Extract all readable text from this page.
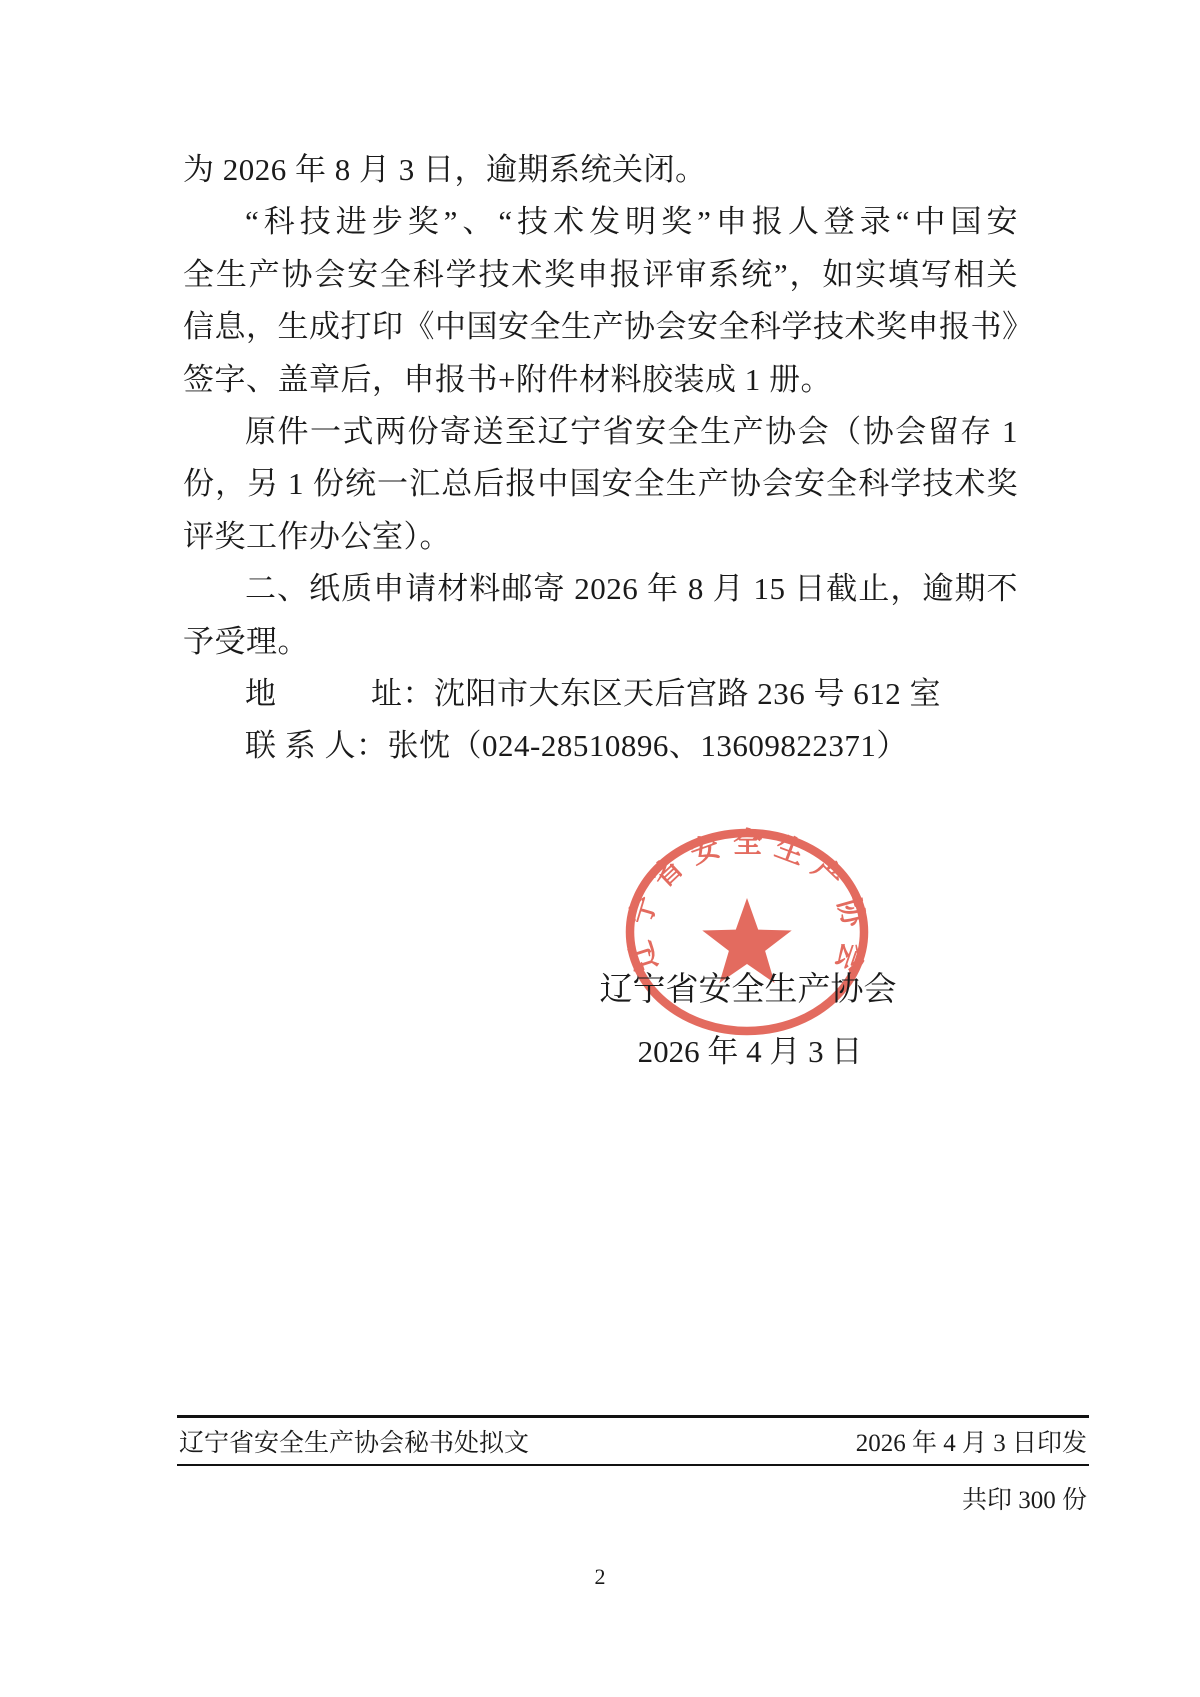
为 2026 年 8 月 3 日，逾期系统关闭。
“科技进步奖”、“技术发明奖”申报人登录“中国安
全生产协会安全科学技术奖申报评审系统”，如实填写相关
信息，生成打印《中国安全生产协会安全科学技术奖申报书》
签字、盖章后，申报书+附件材料胶装成 1 册。
原件一式两份寄送至辽宁省安全生产协会（协会留存 1
份，另 1 份统一汇总后报中国安全生产协会安全科学技术奖
评奖工作办公室）。
二、纸质申请材料邮寄 2026 年 8 月 15 日截止，逾期不
予受理。
地　　　址：沈阳市大东区天后宫路 236 号 612 室
联 系 人：张忱（024-28510896、13609822371）
辽宁省安全生产协会
辽宁省安全生产协会
2026 年 4 月 3 日
辽宁省安全生产协会秘书处拟文	2026 年 4 月 3 日印发
共印 300 份
2
